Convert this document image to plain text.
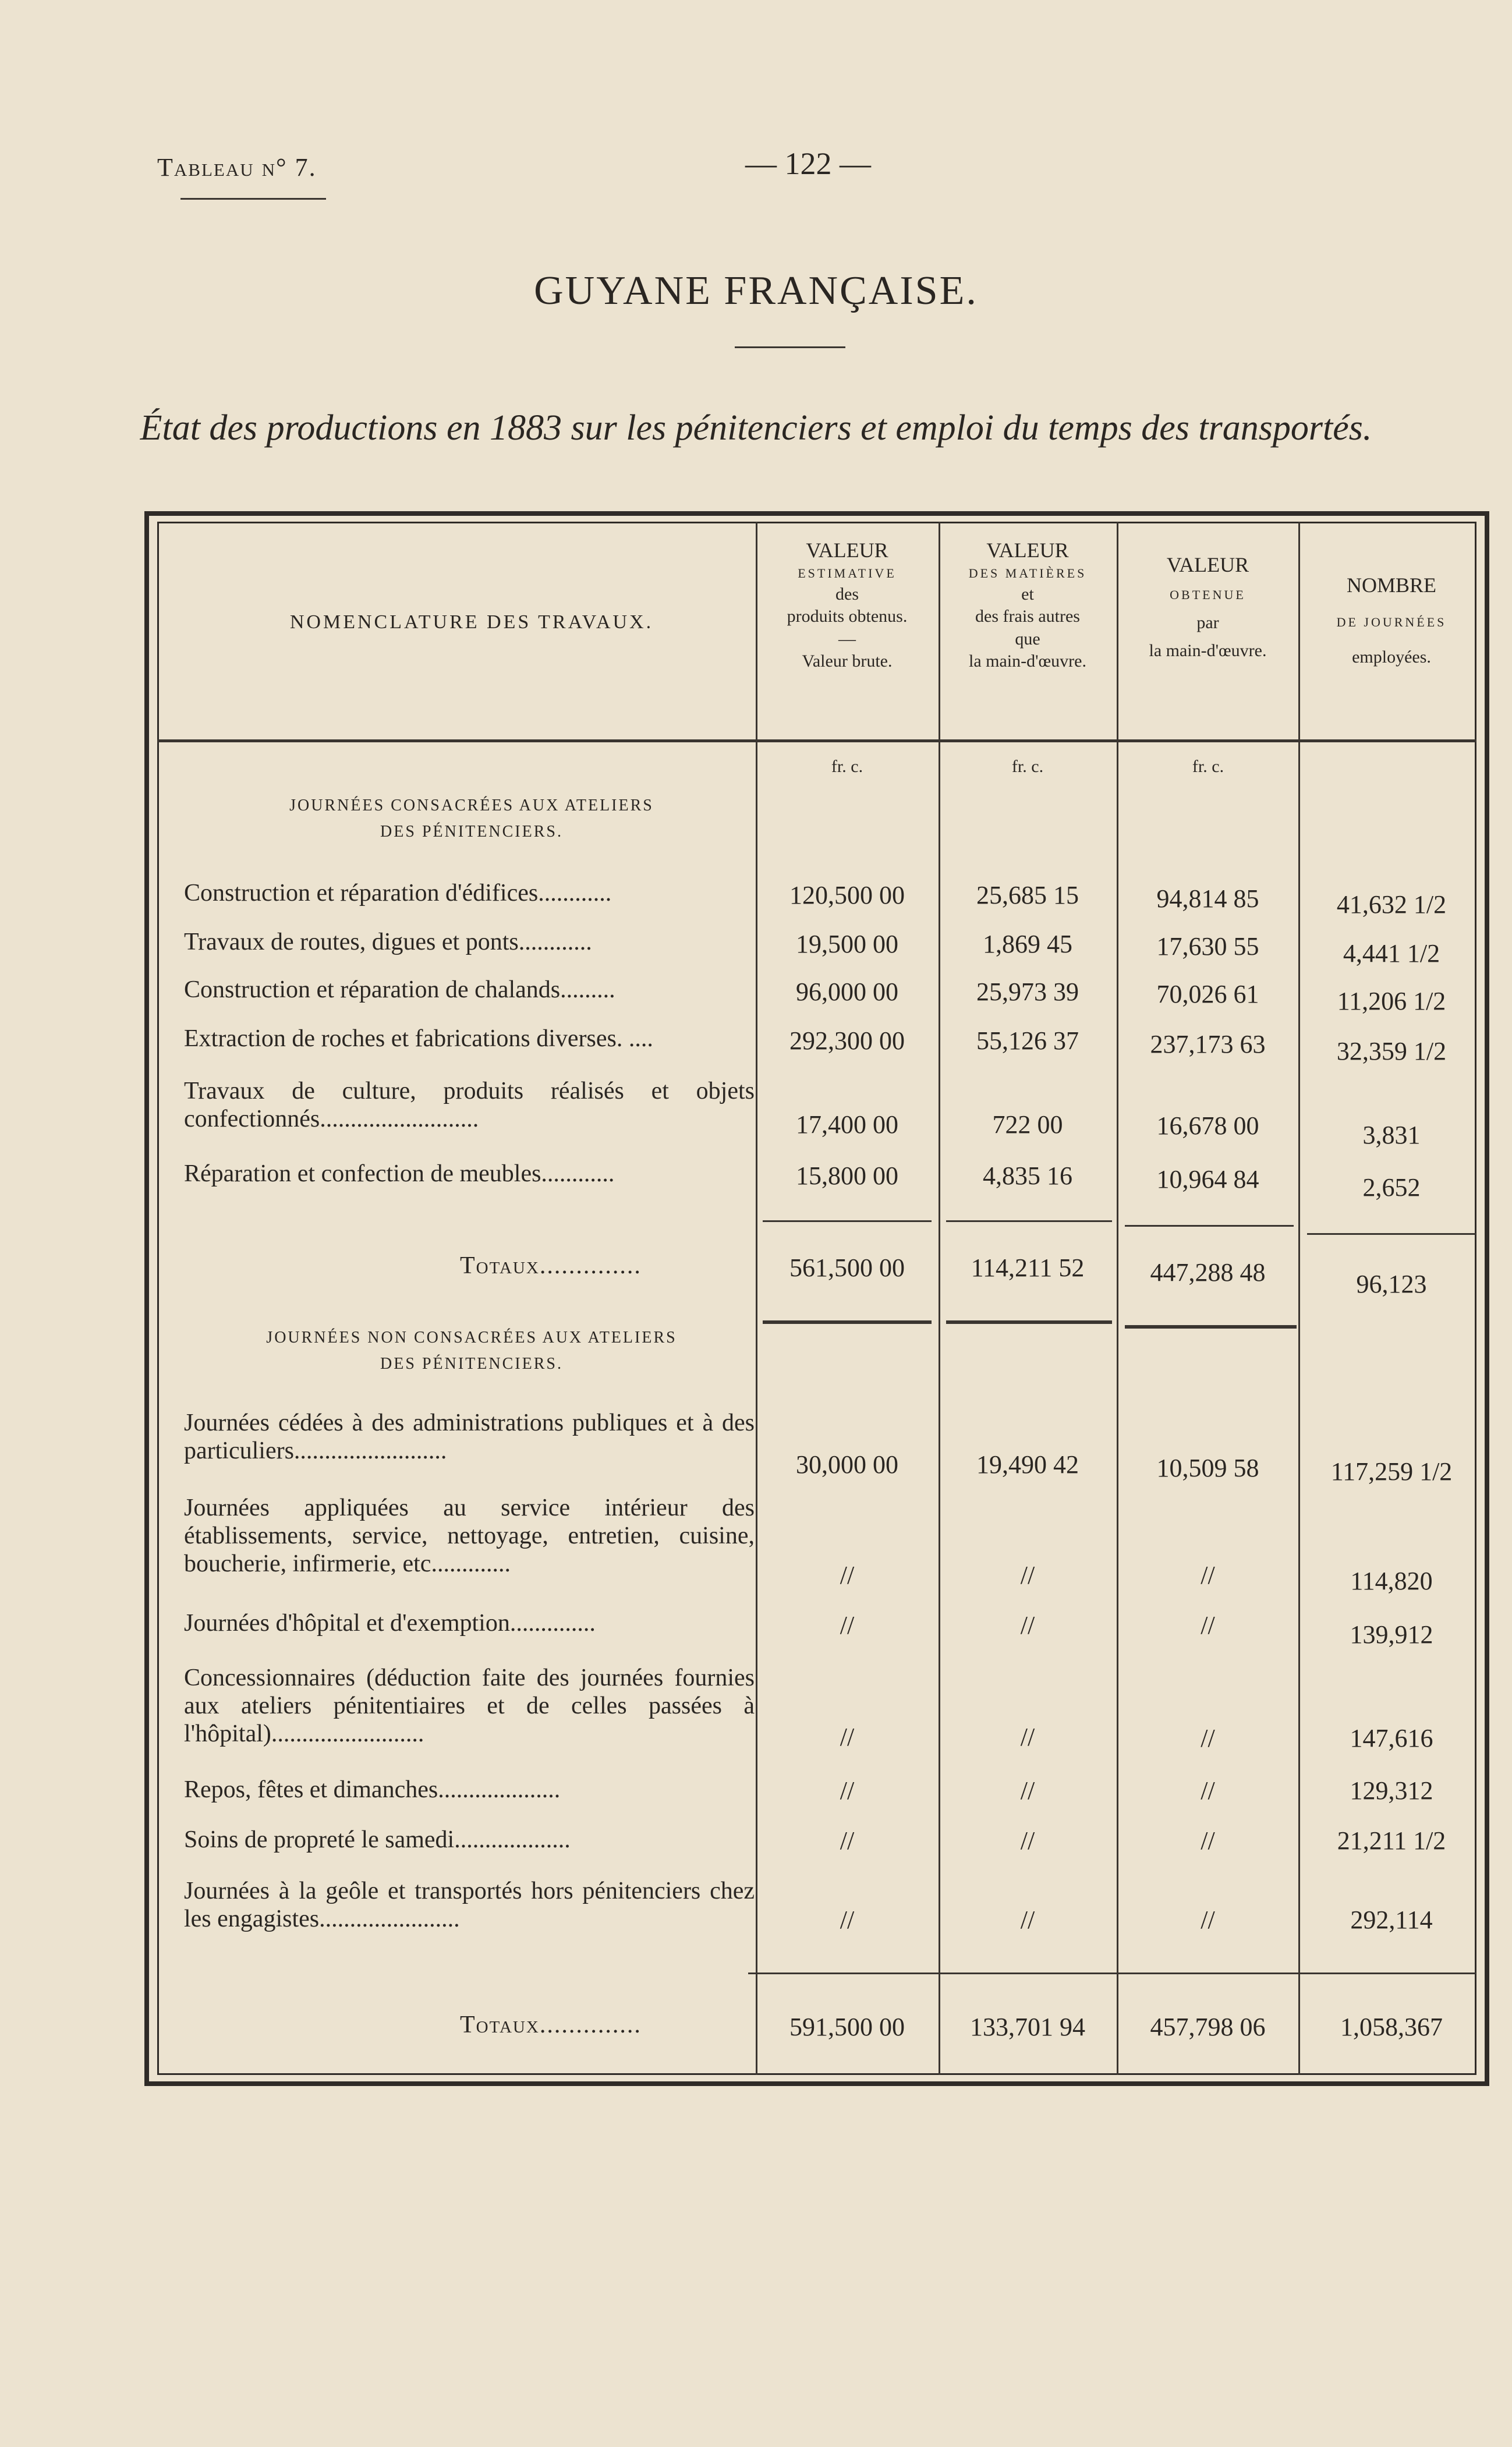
Tableau n° 7.	— 122 —
GUYANE FRANÇAISE.
État des productions en 1883 sur les pénitenciers et emploi du temps des transportés.
NOMENCLATURE DES TRAVAUX.
VALEUR
ESTIMATIVE
des
produits obtenus.
—
Valeur brute.
VALEUR
DES MATIÈRES
et
des frais autres
que
la main-d'œuvre.
VALEUR
OBTENUE
par
la main-d'œuvre.
NOMBRE
DE JOURNÉES
employées.
fr. c.	fr. c.	fr. c.
JOURNÉES CONSACRÉES AUX ATELIERS
DES PÉNITENCIERS.
Construction et réparation d'édifices............	120,500 00	25,685 15	94,814 85	41,632 1/2
Travaux de routes, digues et ponts............	19,500 00	1,869 45	17,630 55	4,441 1/2
Construction et réparation de chalands.........	96,000 00	25,973 39	70,026 61	11,206 1/2
Extraction de roches et fabrications diverses. ....	292,300 00	55,126 37	237,173 63	32,359 1/2
Travaux de culture, produits réalisés et objets confectionnés..........................	17,400 00	722 00	16,678 00	3,831
Réparation et confection de meubles............	15,800 00	4,835 16	10,964 84	2,652
Totaux..............	561,500 00	114,211 52	447,288 48	96,123
JOURNÉES NON CONSACRÉES AUX ATELIERS
DES PÉNITENCIERS.
Journées cédées à des administrations publiques et à des particuliers.........................	30,000 00	19,490 42	10,509 58	117,259 1/2
Journées appliquées au service intérieur des établissements, service, nettoyage, entretien, cuisine, boucherie, infirmerie, etc.............	//	//	//	114,820
Journées d'hôpital et d'exemption..............	//	//	//	139,912
Concessionnaires (déduction faite des journées fournies aux ateliers pénitentiaires et de celles passées à l'hôpital).........................	//	//	//	147,616
Repos, fêtes et dimanches....................	//	//	//	129,312
Soins de propreté le samedi...................	//	//	//	21,211 1/2
Journées à la geôle et transportés hors pénitenciers chez les engagistes.......................	//	//	//	292,114
Totaux..............	591,500 00	133,701 94	457,798 06	1,058,367
